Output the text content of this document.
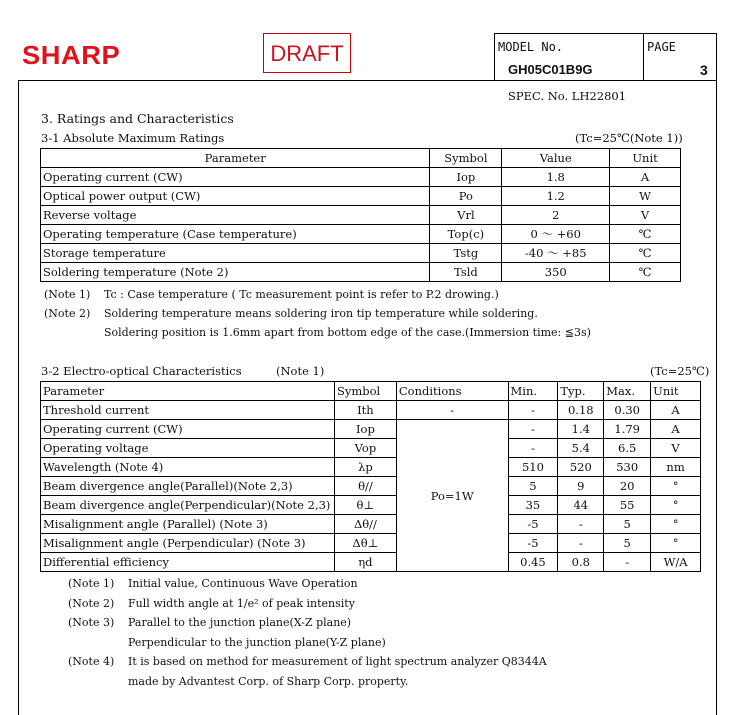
SHARP	DRAFT	MODEL No.
GH05C01B9G
PAGE
3
SPEC. No. LH22801
3. Ratings and Characteristics
3-1 Absolute Maximum Ratings	(Tc=25℃(Note 1))
Parameter	Symbol	Value	Unit
Operating current (CW)	Iop	1.8	A
Optical power output (CW)	Po	1.2	W
Reverse voltage	Vrl	2	V
Operating temperature (Case temperature)	Top(c)	0 ～ +60	℃
Storage temperature	Tstg	-40 ～ +85	℃
Soldering temperature (Note 2)	Tsld	350	℃
(Note 1) Tc : Case temperature ( Tc measurement point is refer to P.2 drowing.)
(Note 2) Soldering temperature means soldering iron tip temperature while soldering.
Soldering position is 1.6mm apart from bottom edge of the case.(Immersion time: ≦3s)
3-2 Electro-optical Characteristics	(Note 1)	(Tc=25℃)
Parameter	Symbol	Conditions	Min.	Typ.	Max.	Unit
Threshold current	Ith	-	-	0.18	0.30	A
Operating current (CW)	Iop	Po=1W	-	1.4	1.79	A
Operating voltage	Vop		-	5.4	6.5	V
Wavelength (Note 4)	λp		510	520	530	nm
Beam divergence angle(Parallel)(Note 2,3)	θ//		5	9	20	°
Beam divergence angle(Perpendicular)(Note 2,3)	θ⊥		35	44	55	°
Misalignment angle (Parallel) (Note 3)	Δθ//		-5	-	5	°
Misalignment angle (Perpendicular) (Note 3)	Δθ⊥		-5	-	5	°
Differential efficiency	ηd		0.45	0.8	-	W/A
(Note 1) Initial value, Continuous Wave Operation
(Note 2) Full width angle at 1/e² of peak intensity
(Note 3) Parallel to the junction plane(X-Z plane)
Perpendicular to the junction plane(Y-Z plane)
(Note 4) It is based on method for measurement of light spectrum analyzer Q8344A
made by Advantest Corp. of Sharp Corp. property.
